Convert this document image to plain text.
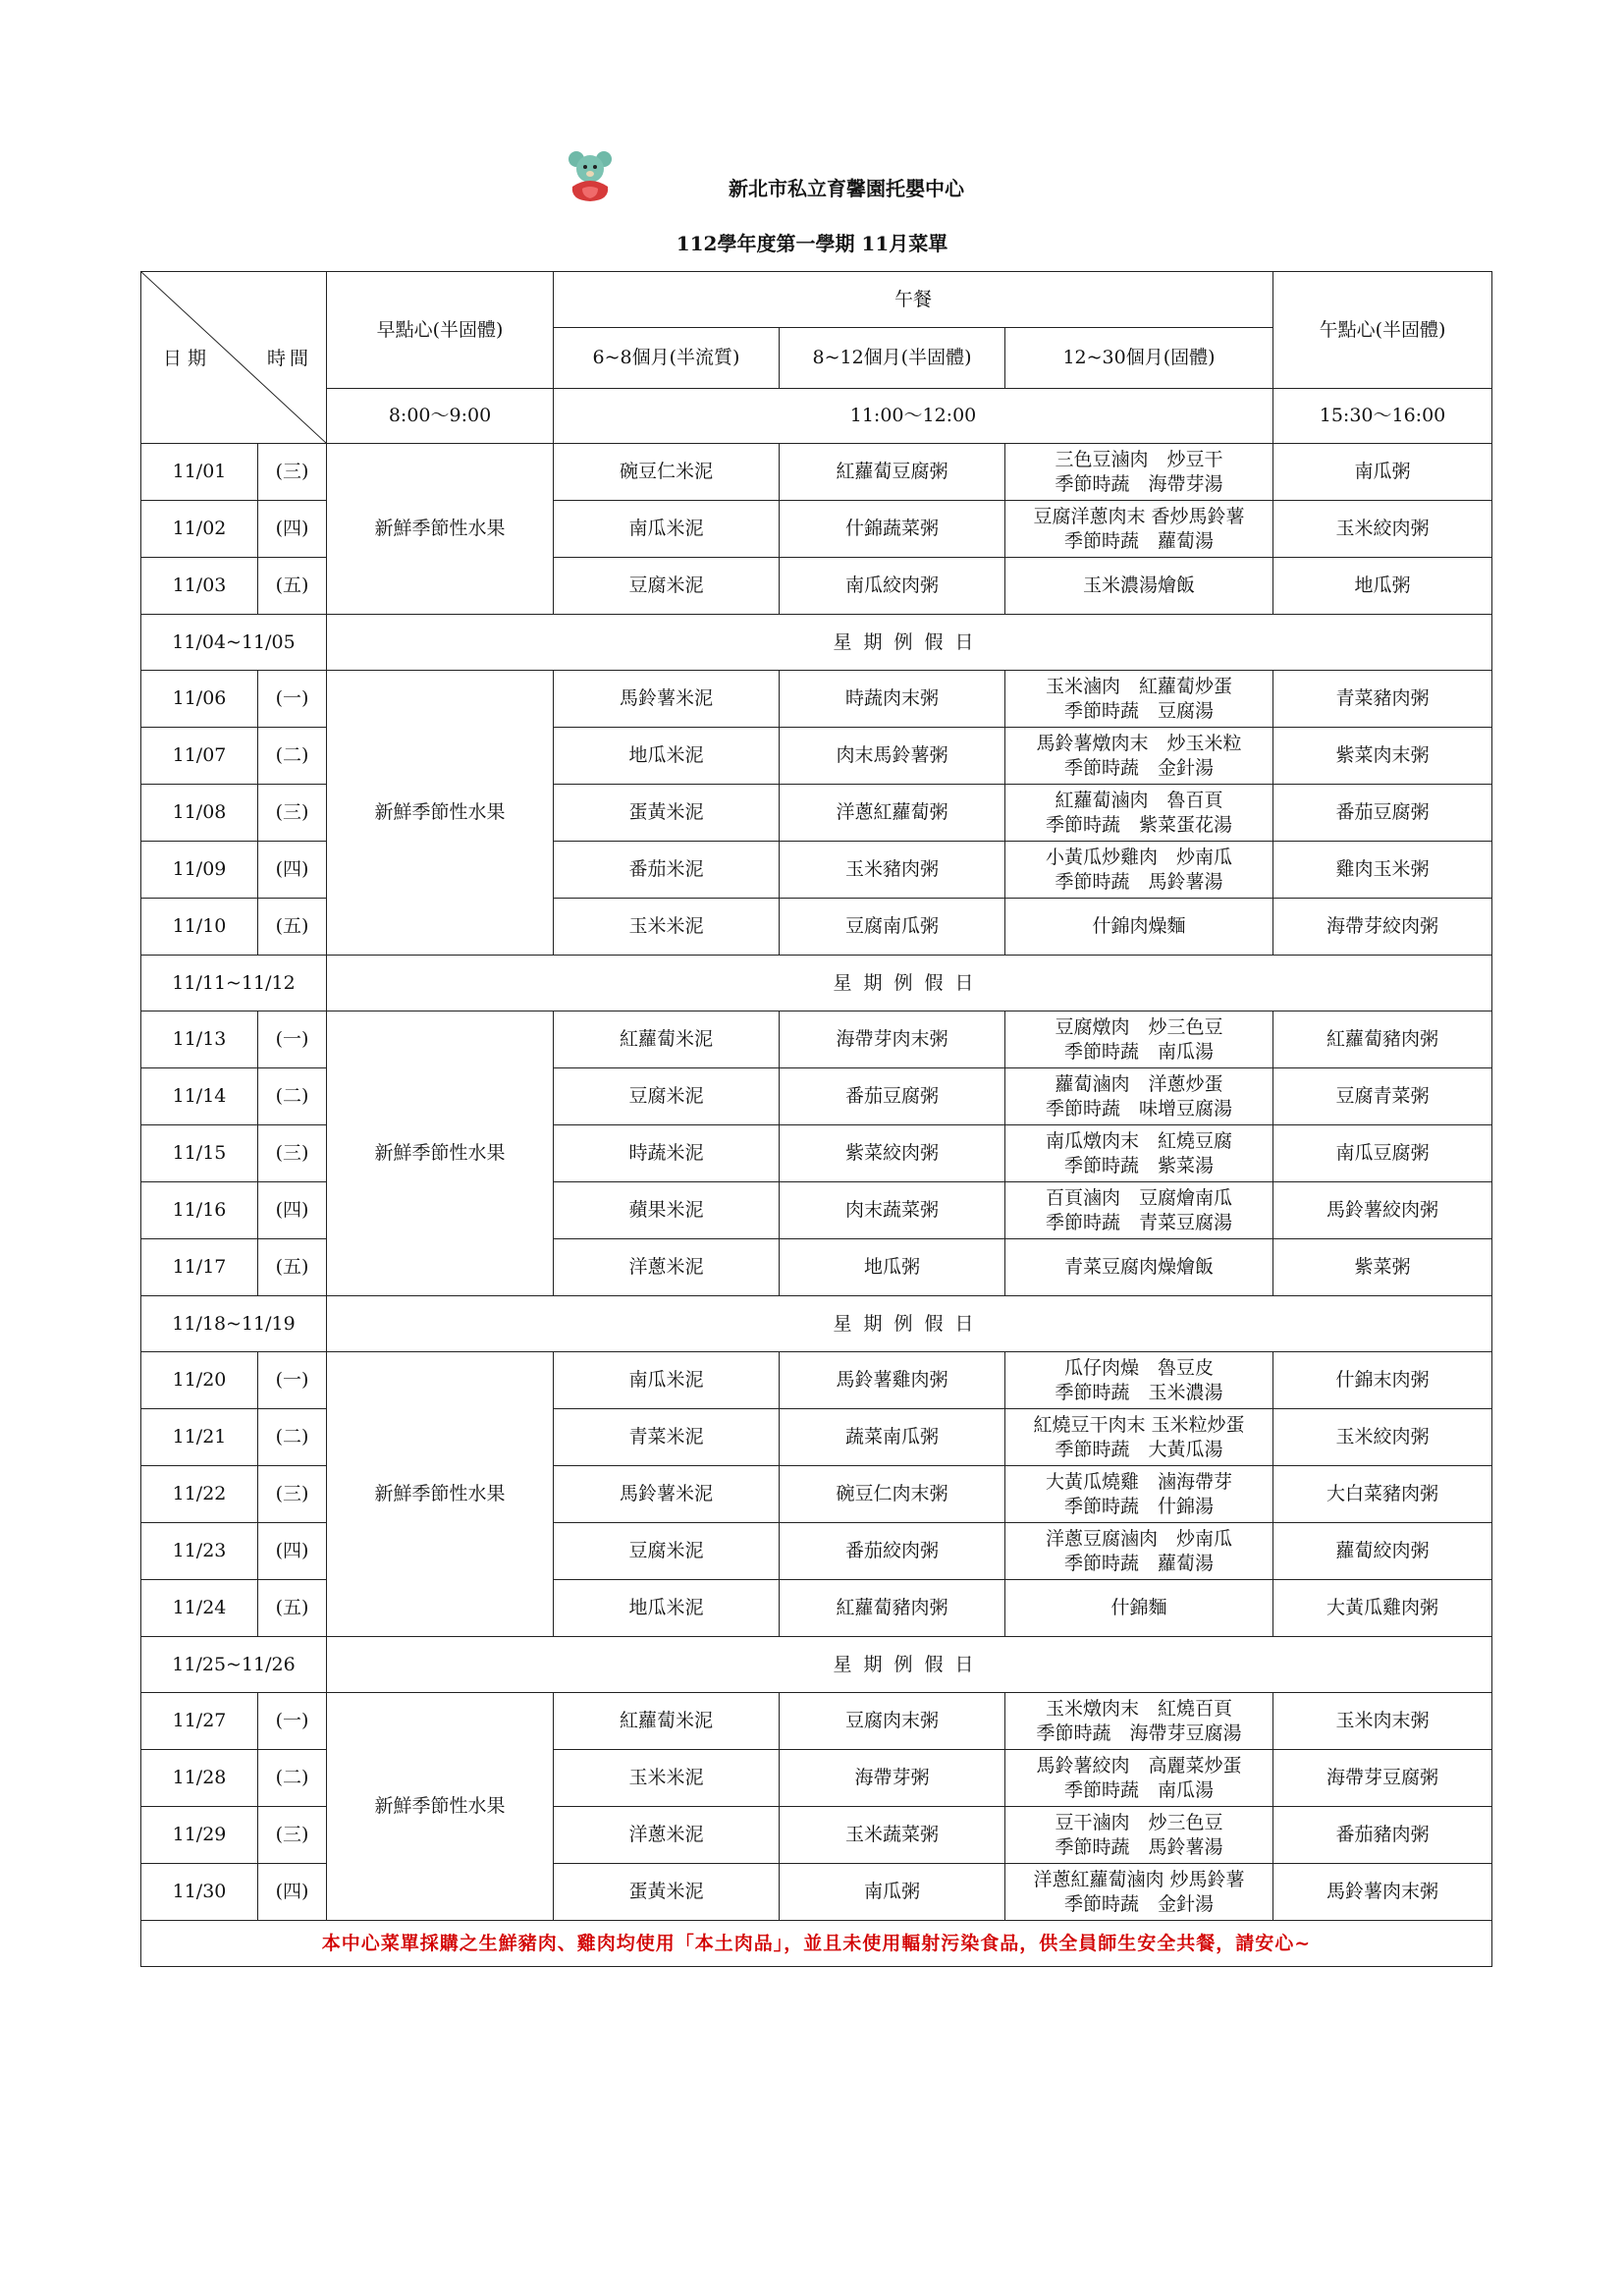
新北市私立育馨園托嬰中心
112學年度第一學期 11月菜單
日期 時間		早點心(半固體)	午餐			午點心(半固體)
			6~8個月(半流質)	8~12個月(半固體)	12~30個月(固體)	
		8:00～9:00	11:00～12:00			15:30～16:00
11/01	(三)	新鮮季節性水果	碗豆仁米泥	紅蘿蔔豆腐粥	三色豆滷肉　炒豆干
季節時蔬　海帶芽湯	南瓜粥
11/02	(四)		南瓜米泥	什錦蔬菜粥	豆腐洋蔥肉末 香炒馬鈴薯
季節時蔬　蘿蔔湯	玉米絞肉粥
11/03	(五)		豆腐米泥	南瓜絞肉粥	玉米濃湯燴飯	地瓜粥
11/04~11/05		星期例假日				
11/06	(一)	新鮮季節性水果	馬鈴薯米泥	時蔬肉末粥	玉米滷肉　紅蘿蔔炒蛋
季節時蔬　豆腐湯	青菜豬肉粥
11/07	(二)		地瓜米泥	肉末馬鈴薯粥	馬鈴薯燉肉末　炒玉米粒
季節時蔬　金針湯	紫菜肉末粥
11/08	(三)		蛋黃米泥	洋蔥紅蘿蔔粥	紅蘿蔔滷肉　魯百頁
季節時蔬　紫菜蛋花湯	番茄豆腐粥
11/09	(四)		番茄米泥	玉米豬肉粥	小黃瓜炒雞肉　炒南瓜
季節時蔬　馬鈴薯湯	雞肉玉米粥
11/10	(五)		玉米米泥	豆腐南瓜粥	什錦肉燥麵	海帶芽絞肉粥
11/11~11/12		星期例假日				
11/13	(一)	新鮮季節性水果	紅蘿蔔米泥	海帶芽肉末粥	豆腐燉肉　炒三色豆
季節時蔬　南瓜湯	紅蘿蔔豬肉粥
11/14	(二)		豆腐米泥	番茄豆腐粥	蘿蔔滷肉　洋蔥炒蛋
季節時蔬　味增豆腐湯	豆腐青菜粥
11/15	(三)		時蔬米泥	紫菜絞肉粥	南瓜燉肉末　紅燒豆腐
季節時蔬　紫菜湯	南瓜豆腐粥
11/16	(四)		蘋果米泥	肉末蔬菜粥	百頁滷肉　豆腐燴南瓜
季節時蔬　青菜豆腐湯	馬鈴薯絞肉粥
11/17	(五)		洋蔥米泥	地瓜粥	青菜豆腐肉燥燴飯	紫菜粥
11/18~11/19		星期例假日				
11/20	(一)	新鮮季節性水果	南瓜米泥	馬鈴薯雞肉粥	瓜仔肉燥　魯豆皮
季節時蔬　玉米濃湯	什錦末肉粥
11/21	(二)		青菜米泥	蔬菜南瓜粥	紅燒豆干肉末 玉米粒炒蛋
季節時蔬　大黃瓜湯	玉米絞肉粥
11/22	(三)		馬鈴薯米泥	碗豆仁肉末粥	大黃瓜燒雞　滷海帶芽
季節時蔬　什錦湯	大白菜豬肉粥
11/23	(四)		豆腐米泥	番茄絞肉粥	洋蔥豆腐滷肉　炒南瓜
季節時蔬　蘿蔔湯	蘿蔔絞肉粥
11/24	(五)		地瓜米泥	紅蘿蔔豬肉粥	什錦麵	大黃瓜雞肉粥
11/25~11/26		星期例假日				
11/27	(一)	新鮮季節性水果	紅蘿蔔米泥	豆腐肉末粥	玉米燉肉末　紅燒百頁
季節時蔬　海帶芽豆腐湯	玉米肉末粥
11/28	(二)		玉米米泥	海帶芽粥	馬鈴薯絞肉　高麗菜炒蛋
季節時蔬　南瓜湯	海帶芽豆腐粥
11/29	(三)		洋蔥米泥	玉米蔬菜粥	豆干滷肉　炒三色豆
季節時蔬　馬鈴薯湯	番茄豬肉粥
11/30	(四)		蛋黃米泥	南瓜粥	洋蔥紅蘿蔔滷肉 炒馬鈴薯
季節時蔬　金針湯	馬鈴薯肉末粥
本中心菜單採購之生鮮豬肉、雞肉均使用「本土肉品」，並且未使用輻射污染食品，供全員師生安全共餐，請安心~						
